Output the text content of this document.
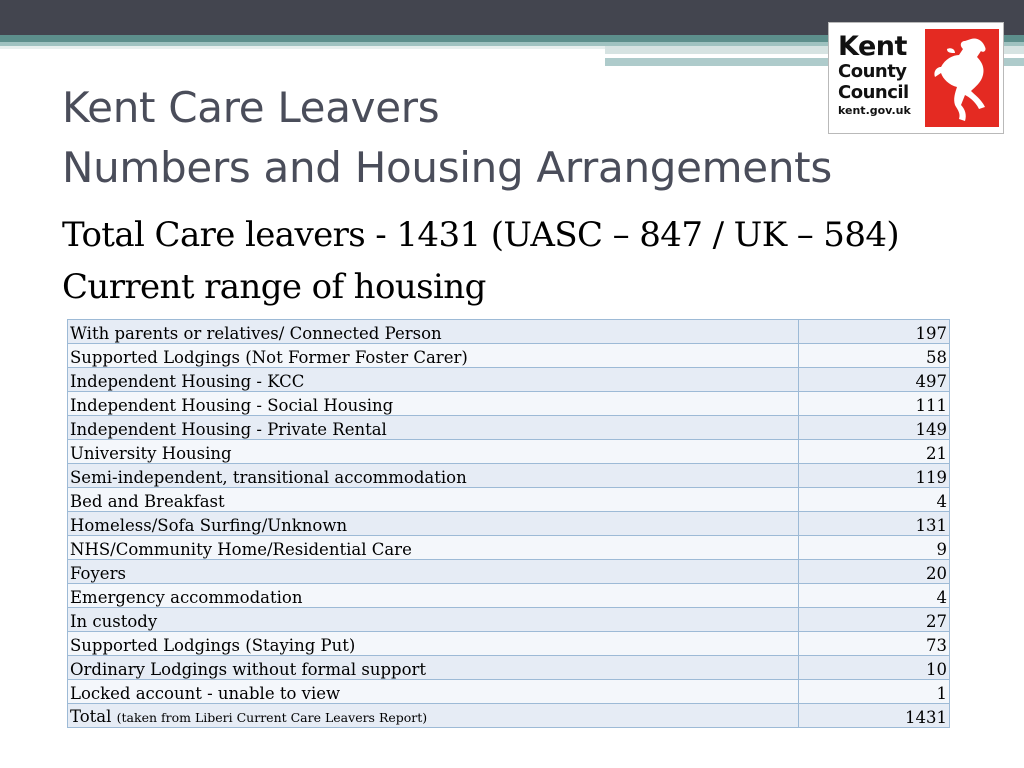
Kent
County
Council
kent.gov.uk
Kent Care Leavers
Numbers and Housing Arrangements

Total Care leavers - 1431 (UASC – 847 / UK – 584)

Current range of housing

With parents or relatives/ Connected Person	197
Supported Lodgings (Not Former Foster Carer)	58
Independent Housing - KCC	497
Independent Housing - Social Housing	111
Independent Housing - Private Rental	149
University Housing	21
Semi-independent, transitional accommodation	119
Bed and Breakfast	4
Homeless/Sofa Surfing/Unknown	131
NHS/Community Home/Residential Care	9
Foyers	20
Emergency accommodation	4
In custody	27
Supported Lodgings (Staying Put)	73
Ordinary Lodgings without formal support	10
Locked account - unable to view	1
Total (taken from Liberi Current Care Leavers Report)	1431
